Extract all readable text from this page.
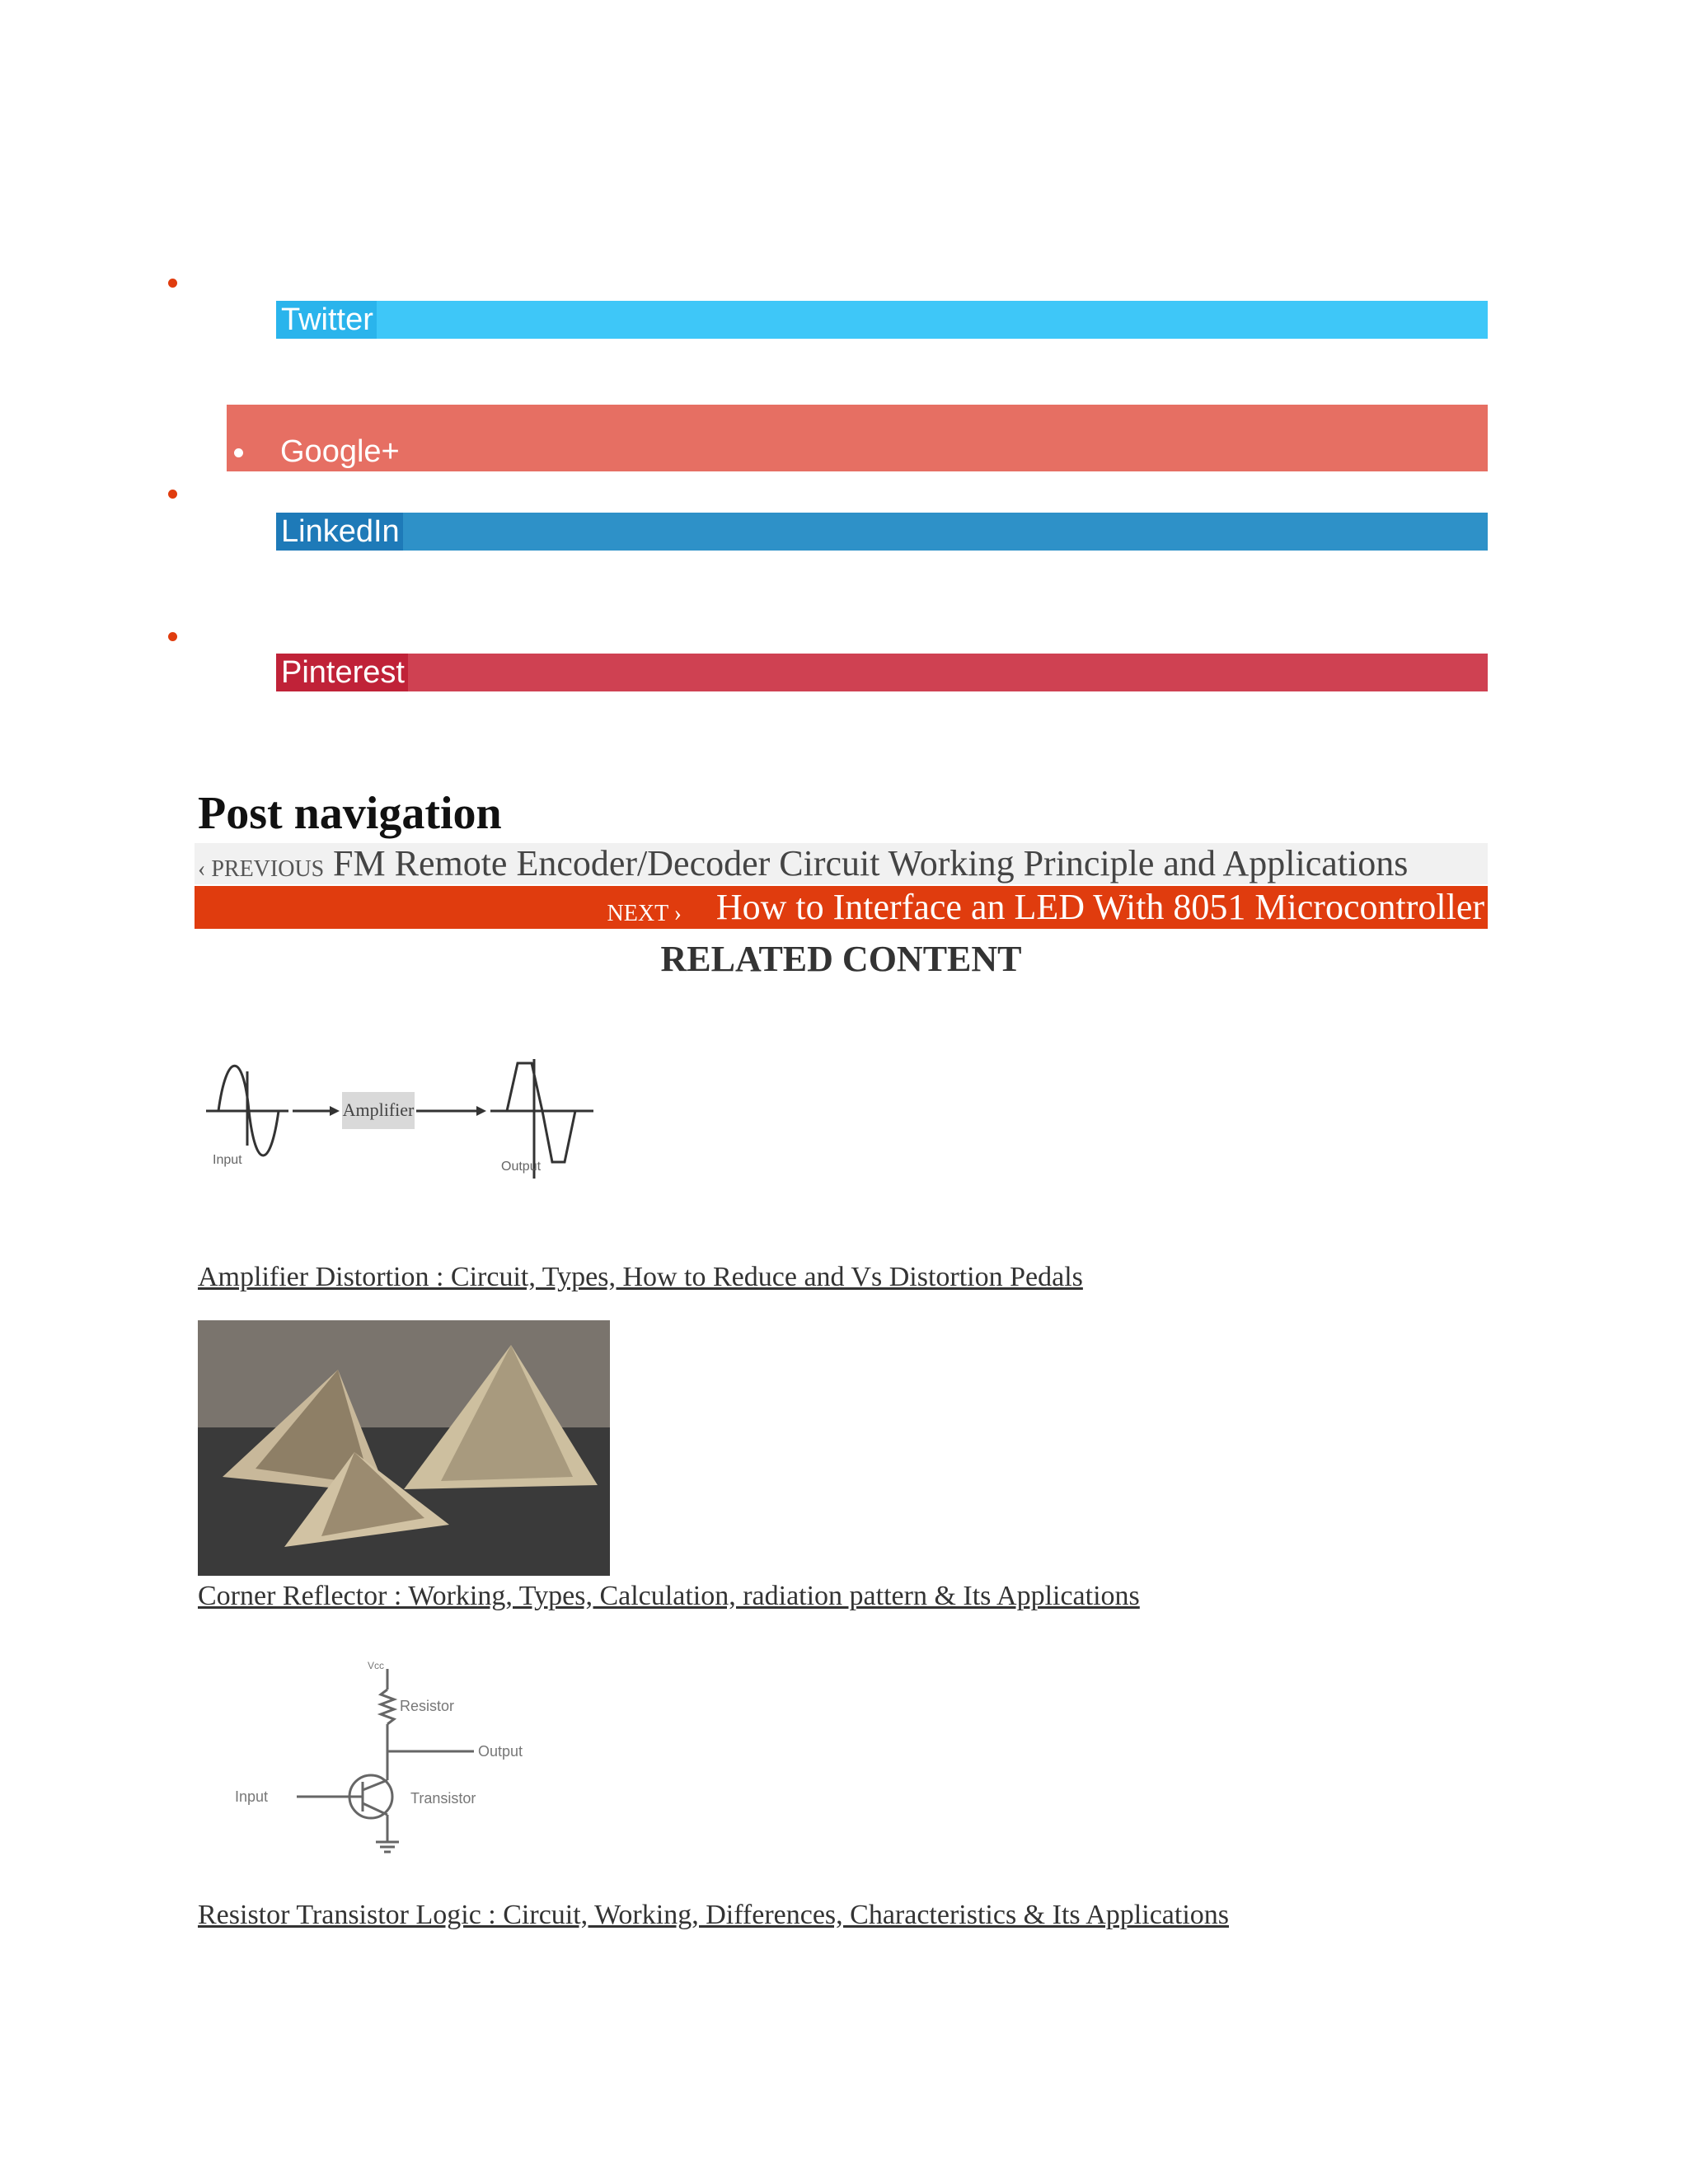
Twitter
Google+
LinkedIn
Pinterest
Post navigation
‹ PREVIOUS FM Remote Encoder/Decoder Circuit Working Principle and Applications
NEXT › How to Interface an LED With 8051 Microcontroller
RELATED CONTENT
Amplifier
Input	Output
Amplifier Distortion : Circuit, Types, How to Reduce and Vs Distortion Pedals
Corner Reflector : Working, Types, Calculation, radiation pattern & Its Applications
Vcc
Resistor
Output
Input	Transistor
Resistor Transistor Logic : Circuit, Working, Differences, Characteristics & Its Applications
